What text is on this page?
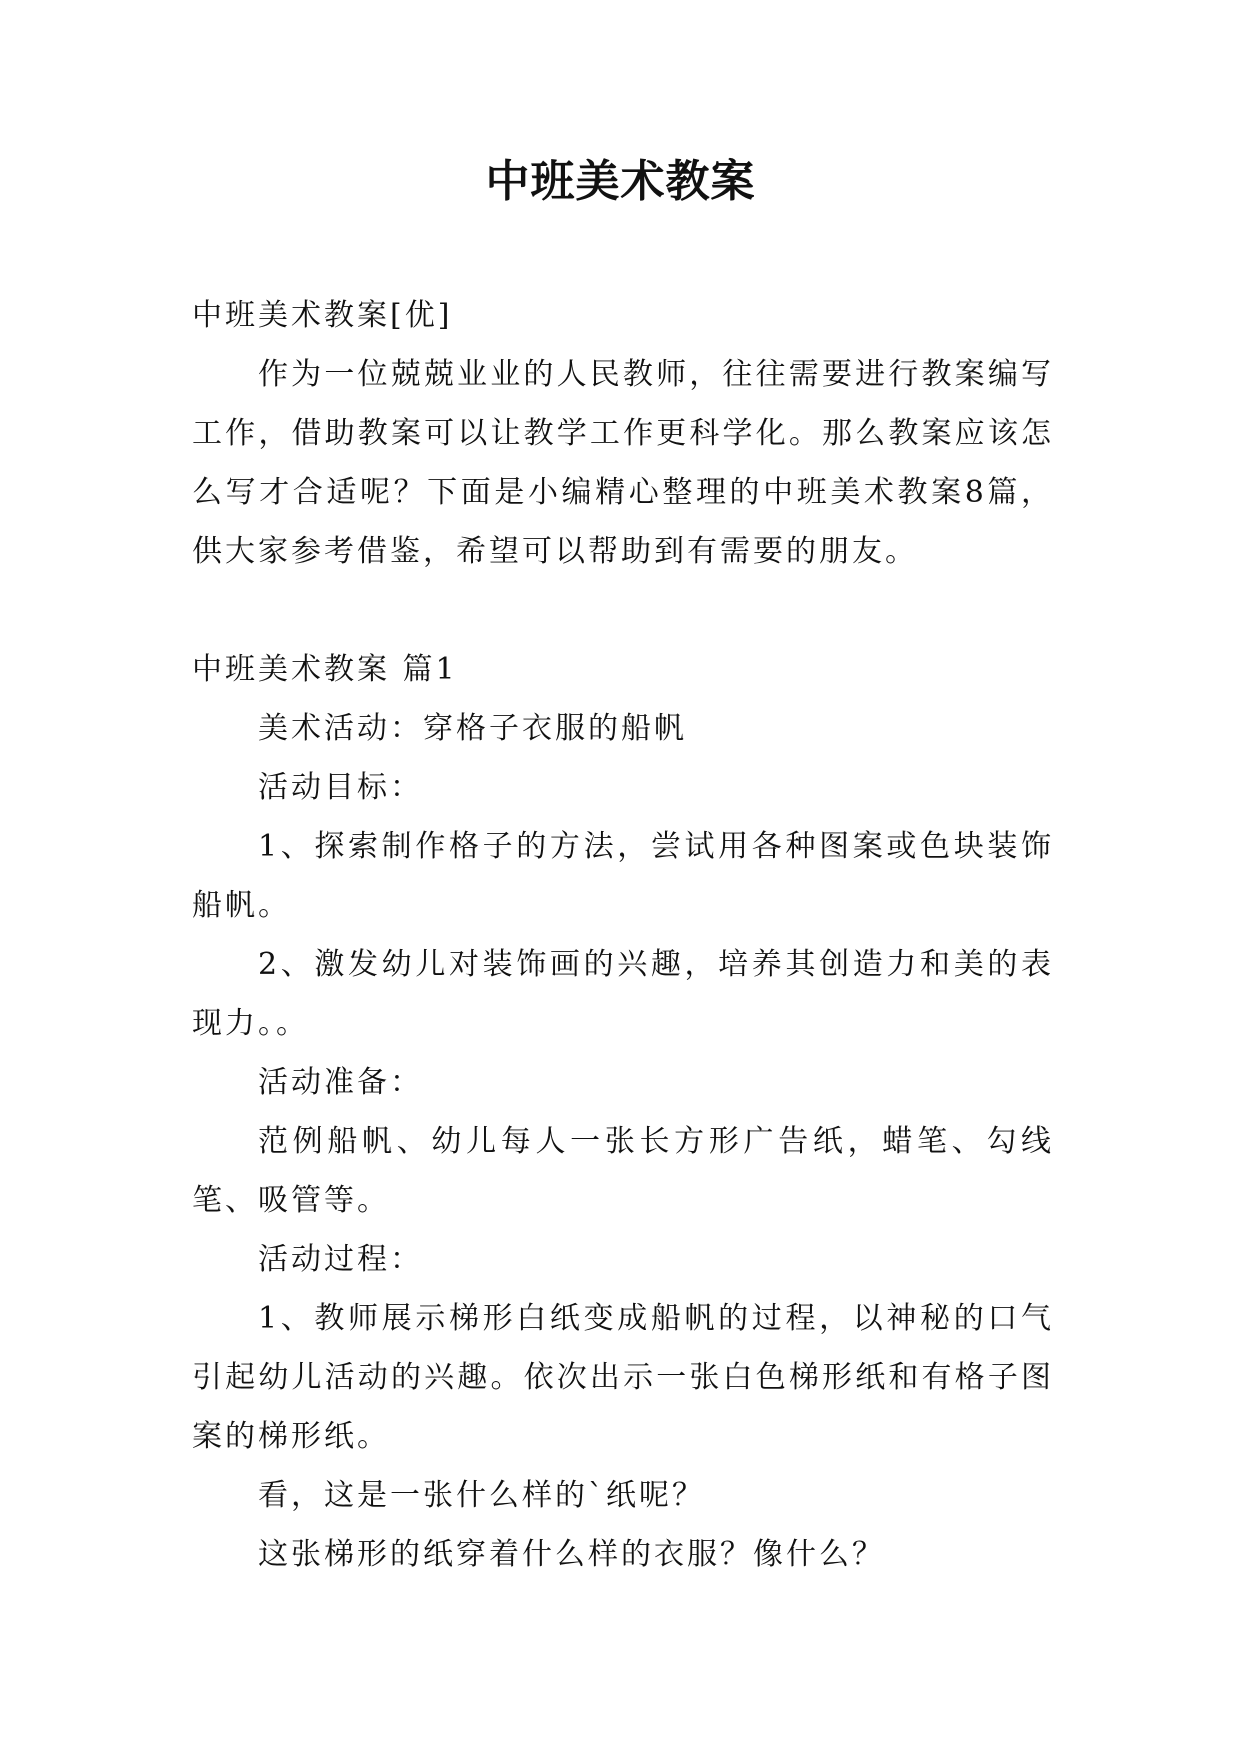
中班美术教案

中班美术教案[优]

作为一位兢兢业业的人民教师，往往需要进行教案编写工作，借助教案可以让教学工作更科学化。那么教案应该怎么写才合适呢？下面是小编精心整理的中班美术教案8篇，供大家参考借鉴，希望可以帮助到有需要的朋友。

中班美术教案 篇1

美术活动：穿格子衣服的船帆

活动目标：

1、探索制作格子的方法，尝试用各种图案或色块装饰船帆。

2、激发幼儿对装饰画的兴趣，培养其创造力和美的表现力。。

活动准备：

范例船帆、幼儿每人一张长方形广告纸，蜡笔、勾线笔、吸管等。

活动过程：

1、教师展示梯形白纸变成船帆的过程，以神秘的口气引起幼儿活动的兴趣。依次出示一张白色梯形纸和有格子图案的梯形纸。

看，这是一张什么样的`纸呢？

这张梯形的纸穿着什么样的衣服？像什么？
